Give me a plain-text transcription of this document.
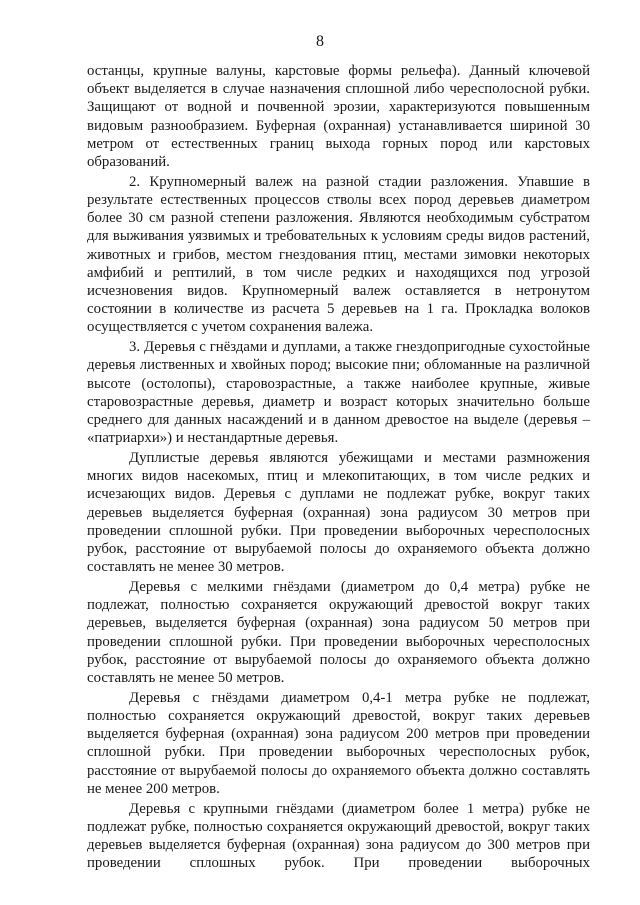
8

останцы, крупные валуны, карстовые формы рельефа). Данный ключевой объект выделяется в случае назначения сплошной либо чересполосной рубки. Защищают от водной и почвенной эрозии, характеризуются повышенным видовым разнообразием. Буферная (охранная) устанавливается шириной 30 метром от естественных границ выхода горных пород или карстовых образований.

2. Крупномерный валеж на разной стадии разложения. Упавшие в результате естественных процессов стволы всех пород деревьев диаметром более 30 см разной степени разложения. Являются необходимым субстратом для выживания уязвимых и требовательных к условиям среды видов растений, животных и грибов, местом гнездования птиц, местами зимовки некоторых амфибий и рептилий, в том числе редких и находящихся под угрозой исчезновения видов. Крупномерный валеж оставляется в нетронутом состоянии в количестве из расчета 5 деревьев на 1 га. Прокладка волоков осуществляется с учетом сохранения валежа.

3. Деревья с гнёздами и дуплами, а также гнездопригодные сухостойные деревья лиственных и хвойных пород; высокие пни; обломанные на различной высоте (остолопы), старовозрастные, а также наиболее крупные, живые старовозрастные деревья, диаметр и возраст которых значительно больше среднего для данных насаждений и в данном древостое на выделе (деревья – «патриархи») и нестандартные деревья.

Дуплистые деревья являются убежищами и местами размножения многих видов насекомых, птиц и млекопитающих, в том числе редких и исчезающих видов. Деревья с дуплами не подлежат рубке, вокруг таких деревьев выделяется буферная (охранная) зона радиусом 30 метров при проведении сплошной рубки. При проведении выборочных чересполосных рубок, расстояние от вырубаемой полосы до охраняемого объекта должно составлять не менее 30 метров.

Деревья с мелкими гнёздами (диаметром до 0,4 метра) рубке не подлежат, полностью сохраняется окружающий древостой вокруг таких деревьев, выделяется буферная (охранная) зона радиусом 50 метров при проведении сплошной рубки. При проведении выборочных чересполосных рубок, расстояние от вырубаемой полосы до охраняемого объекта должно составлять не менее 50 метров.

Деревья с гнёздами диаметром 0,4-1 метра рубке не подлежат, полностью сохраняется окружающий древостой, вокруг таких деревьев выделяется буферная (охранная) зона радиусом 200 метров при проведении сплошной рубки. При проведении выборочных чересполосных рубок, расстояние от вырубаемой полосы до охраняемого объекта должно составлять не менее 200 метров.

Деревья с крупными гнёздами (диаметром более 1 метра) рубке не подлежат рубке, полностью сохраняется окружающий древостой, вокруг таких деревьев выделяется буферная (охранная) зона радиусом до 300 метров при проведении сплошных рубок. При проведении выборочных
